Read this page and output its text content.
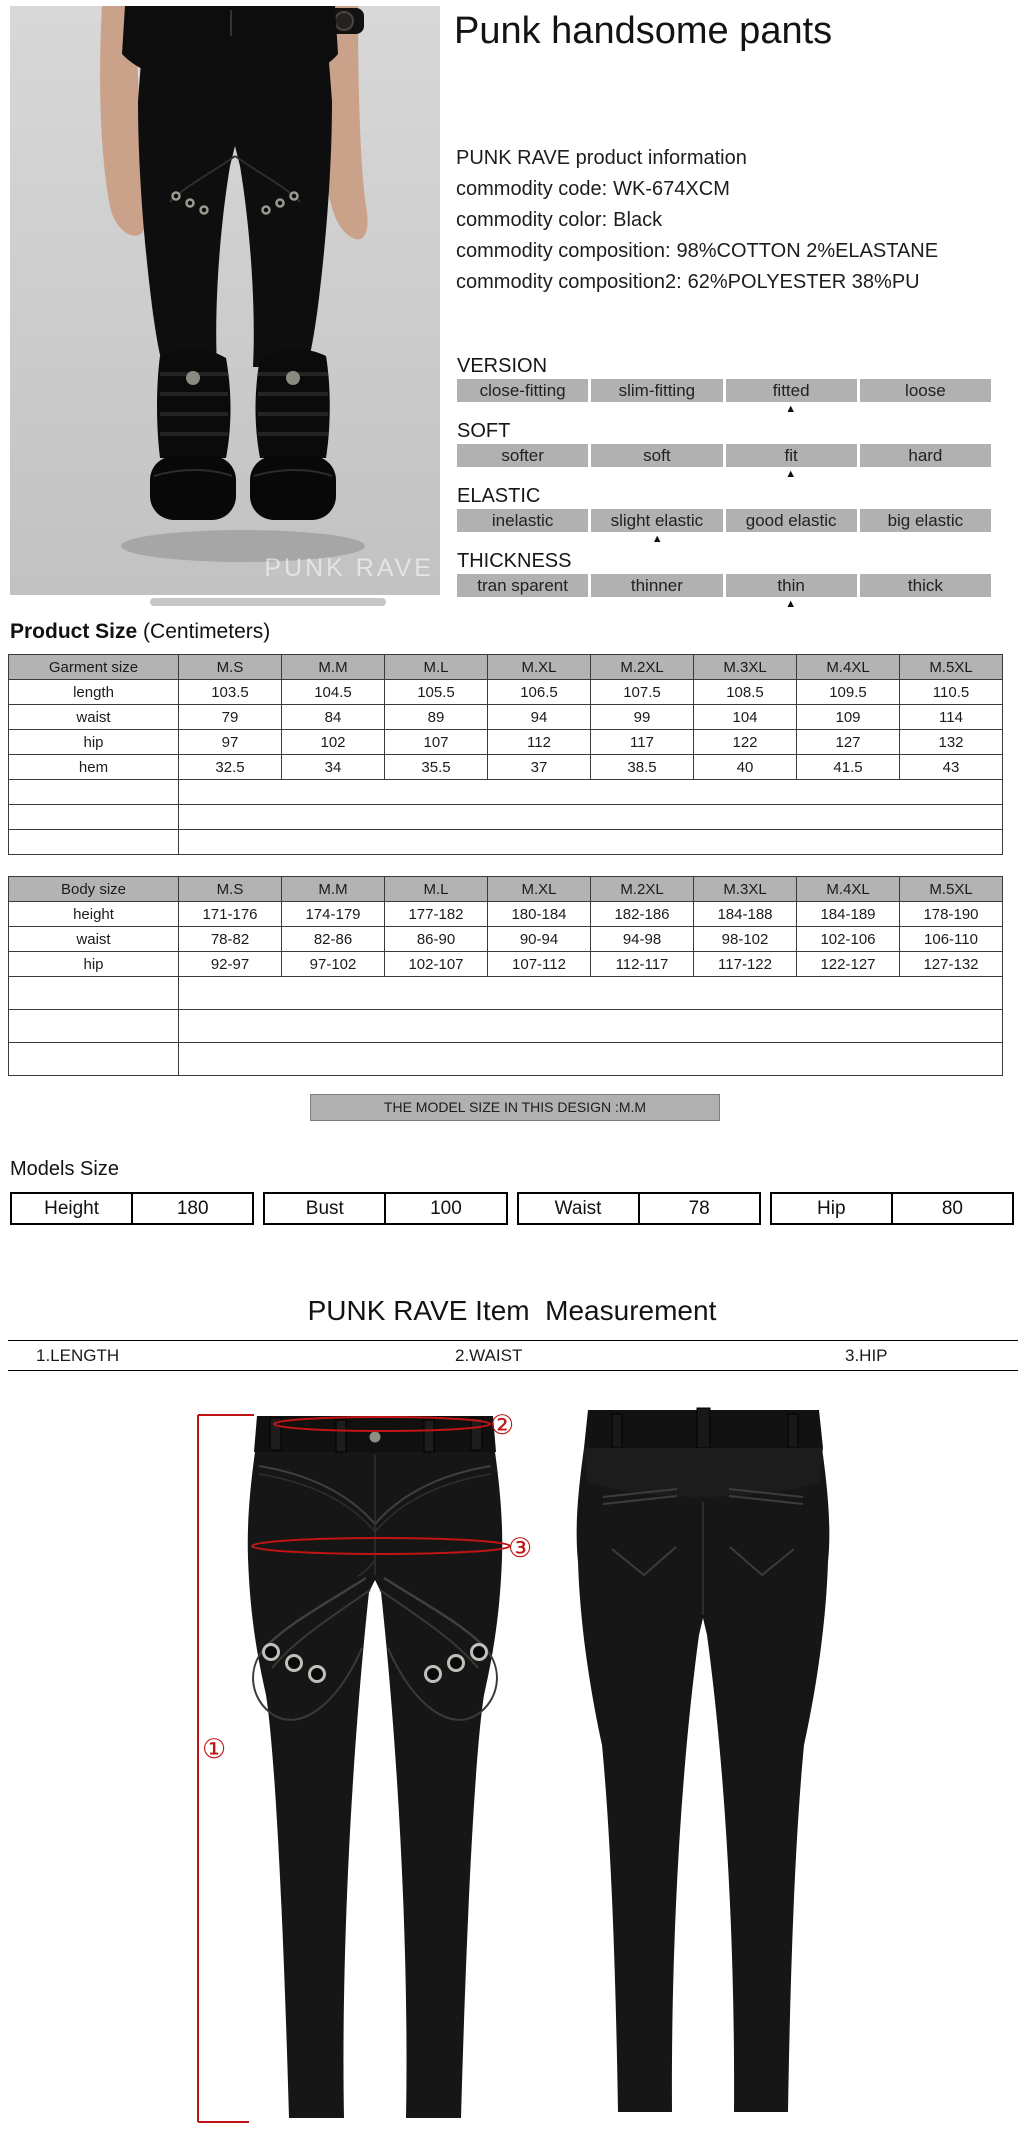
PUNK RAVE
Punk handsome pants
PUNK RAVE product information
commodity code: WK-674XCM
commodity color: Black
commodity composition: 98%COTTON 2%ELASTANE
commodity composition2: 62%POLYESTER 38%PU
VERSION
close-fitting	slim-fitting	fitted	loose
▲
SOFT
softer	soft	fit	hard
▲
ELASTIC
inelastic	slight elastic	good elastic	big elastic
▲
THICKNESS
tran sparent	thinner	thin	thick
▲
Product Size (Centimeters)
Garment size	M.S	M.M	M.L	M.XL	M.2XL	M.3XL	M.4XL	M.5XL
length	103.5	104.5	105.5	106.5	107.5	108.5	109.5	110.5
waist	79	84	89	94	99	104	109	114
hip	97	102	107	112	117	122	127	132
hem	32.5	34	35.5	37	38.5	40	41.5	43

Body size	M.S	M.M	M.L	M.XL	M.2XL	M.3XL	M.4XL	M.5XL
height	171-176	174-179	177-182	180-184	182-186	184-188	184-189	178-190
waist	78-82	82-86	86-90	90-94	94-98	98-102	102-106	106-110
hip	92-97	97-102	102-107	107-112	112-117	117-122	122-127	127-132

THE MODEL SIZE IN THIS DESIGN :M.M
Models Size
Height	180	Bust	100	Waist	78	Hip	80
PUNK RAVE Item  Measurement
1.LENGTH	2.WAIST	3.HIP
②
③
①
